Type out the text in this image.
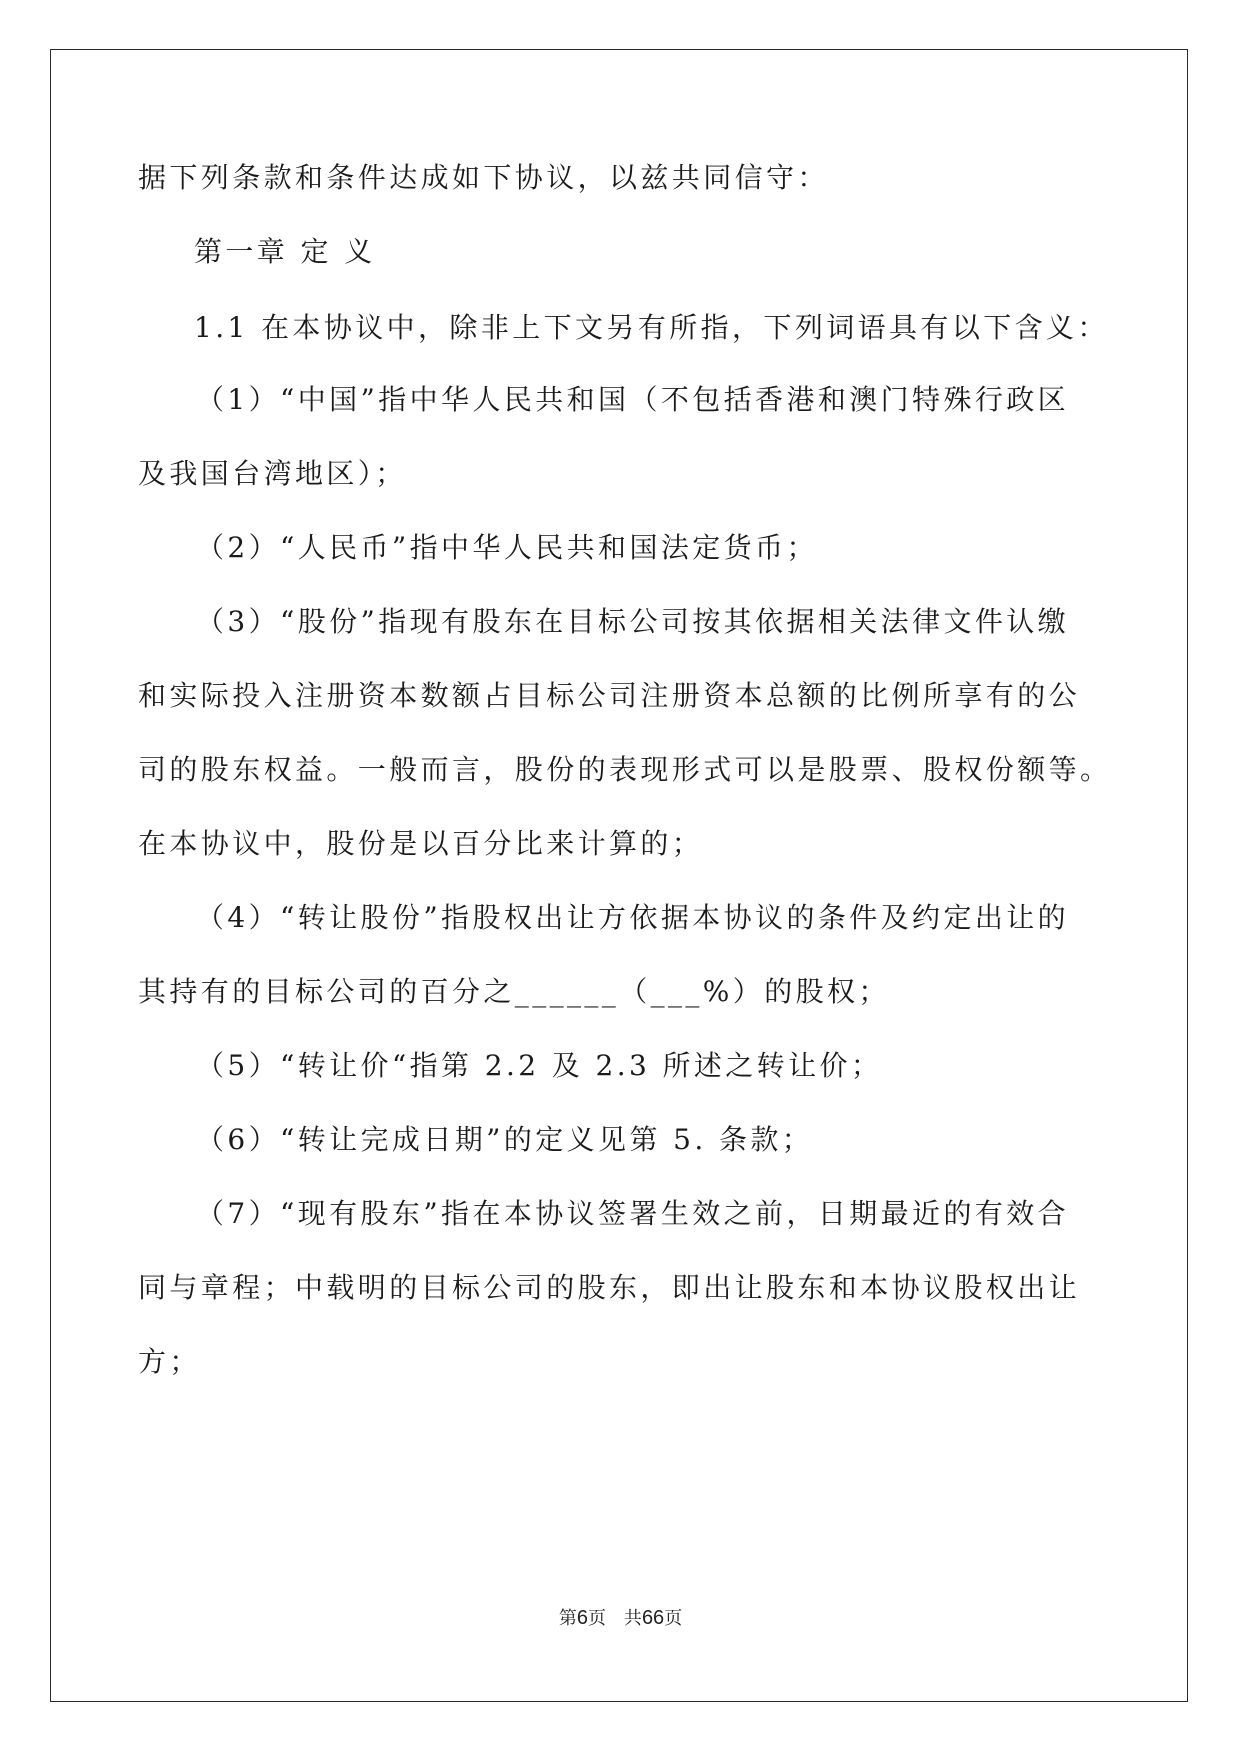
据下列条款和条件达成如下协议，以兹共同信守：
第一章 定 义
1.1 在本协议中，除非上下文另有所指，下列词语具有以下含义：
（1）“中国”指中华人民共和国（不包括香港和澳门特殊行政区
及我国台湾地区）；
（2）“人民币”指中华人民共和国法定货币；
（3）“股份”指现有股东在目标公司按其依据相关法律文件认缴
和实际投入注册资本数额占目标公司注册资本总额的比例所享有的公
司的股东权益。一般而言，股份的表现形式可以是股票、股权份额等。
在本协议中，股份是以百分比来计算的；
（4）“转让股份”指股权出让方依据本协议的条件及约定出让的
其持有的目标公司的百分之______（___%）的股权；
（5）“转让价“指第 2.2 及 2.3 所述之转让价；
（6）“转让完成日期”的定义见第 5. 条款；
（7）“现有股东”指在本协议签署生效之前，日期最近的有效合
同与章程；中载明的目标公司的股东，即出让股东和本协议股权出让
方；
第6页　共66页
